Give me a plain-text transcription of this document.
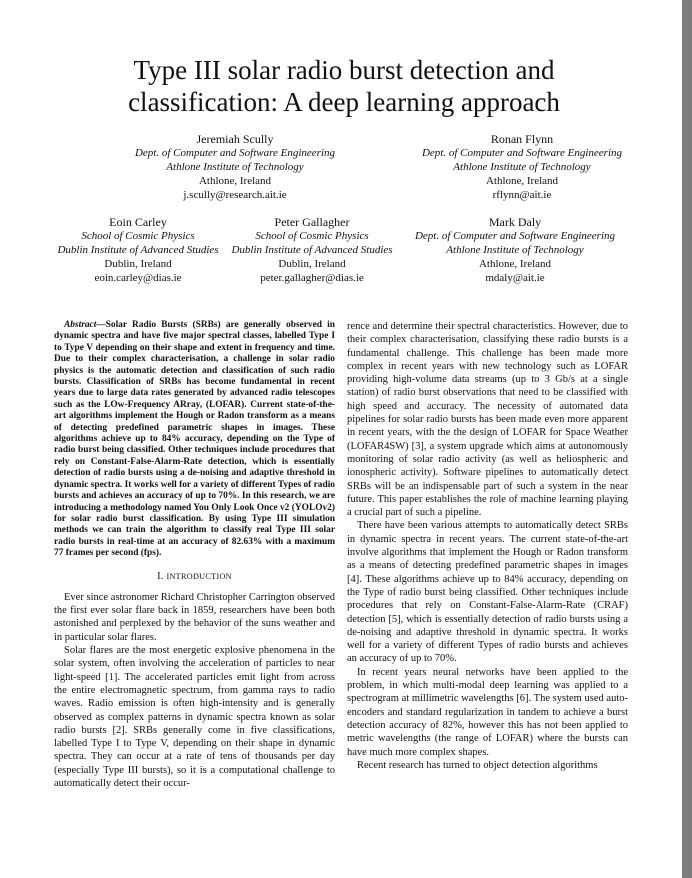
Type III solar radio burst detection and
classification: A deep learning approach
Jeremiah Scully
Dept. of Computer and Software Engineering
Athlone Institute of Technology
Athlone, Ireland
j.scully@research.ait.ie
Ronan Flynn
Dept. of Computer and Software Engineering
Athlone Institute of Technology
Athlone, Ireland
rflynn@ait.ie
Eoin Carley
School of Cosmic Physics
Dublin Institute of Advanced Studies
Dublin, Ireland
eoin.carley@dias.ie
Peter Gallagher
School of Cosmic Physics
Dublin Institute of Advanced Studies
Dublin, Ireland
peter.gallagher@dias.ie
Mark Daly
Dept. of Computer and Software Engineering
Athlone Institute of Technology
Athlone, Ireland
mdaly@ait.ie

Abstract—Solar Radio Bursts (SRBs) are generally observed in dynamic spectra and have five major spectral classes, labelled Type I to Type V depending on their shape and extent in frequency and time. Due to their complex characterisation, a challenge in solar radio physics is the automatic detection and classification of such radio bursts. Classification of SRBs has become fundamental in recent years due to large data rates generated by advanced radio telescopes such as the LOw-Frequency ARray, (LOFAR). Current state-of-the-art algorithms implement the Hough or Radon transform as a means of detecting predefined parametric shapes in images. These algorithms achieve up to 84% accuracy, depending on the Type of radio burst being classified. Other techniques include procedures that rely on Constant-False-Alarm-Rate detection, which is essentially detection of radio bursts using a de-noising and adaptive threshold in dynamic spectra. It works well for a variety of different Types of radio bursts and achieves an accuracy of up to 70%. In this research, we are introducing a methodology named You Only Look Once v2 (YOLOv2) for solar radio burst classification. By using Type III simulation methods we can train the algorithm to classify real Type III solar radio bursts in real-time at an accuracy of 82.63% with a maximum 77 frames per second (fps).

I. INTRODUCTION

Ever since astronomer Richard Christopher Carrington observed the first ever solar flare back in 1859, researchers have been both astonished and perplexed by the behavior of the suns weather and in particular solar flares.

Solar flares are the most energetic explosive phenomena in the solar system, often involving the acceleration of particles to near light-speed [1]. The accelerated particles emit light from across the entire electromagnetic spectrum, from gamma rays to radio waves. Radio emission is often high-intensity and is generally observed as complex patterns in dynamic spectra known as solar radio bursts [2]. SRBs generally come in five classifications, labelled Type I to Type V, depending on their shape in dynamic spectra. They can occur at a rate of tens of thousands per day (especially Type III bursts), so it is a computational challenge to automatically detect their occur-

rence and determine their spectral characteristics. However, due to their complex characterisation, classifying these radio bursts is a fundamental challenge. This challenge has been made more complex in recent years with new technology such as LOFAR providing high-volume data streams (up to 3 Gb/s at a single station) of radio burst observations that need to be classified with high speed and accuracy. The necessity of automated data pipelines for solar radio bursts has been made even more apparent in recent years, with the the design of LOFAR for Space Weather (LOFAR4SW) [3], a system upgrade which aims at autonomously monitoring of solar radio activity (as well as heliospheric and ionospheric activity). Software pipelines to automatically detect SRBs will be an indispensable part of such a system in the near future. This paper establishes the role of machine learning playing a crucial part of such a pipeline.

There have been various attempts to automatically detect SRBs in dynamic spectra in recent years. The current state-of-the-art involve algorithms that implement the Hough or Radon transform as a means of detecting predefined parametric shapes in images [4]. These algorithms achieve up to 84% accuracy, depending on the Type of radio burst being classified. Other techniques include procedures that rely on Constant-False-Alarm-Rate (CRAF) detection [5], which is essentially detection of radio bursts using a de-noising and adaptive threshold in dynamic spectra. It works well for a variety of different Types of radio bursts and achieves an accuracy of up to 70%.

In recent years neural networks have been applied to the problem, in which multi-modal deep learning was applied to a spectrogram at millimetric wavelengths [6]. The system used auto-encoders and standard regularization in tandem to achieve a burst detection accuracy of 82%, however this has not been applied to metric wavelengths (the range of LOFAR) where the bursts can have much more complex shapes.

Recent research has turned to object detection algorithms
